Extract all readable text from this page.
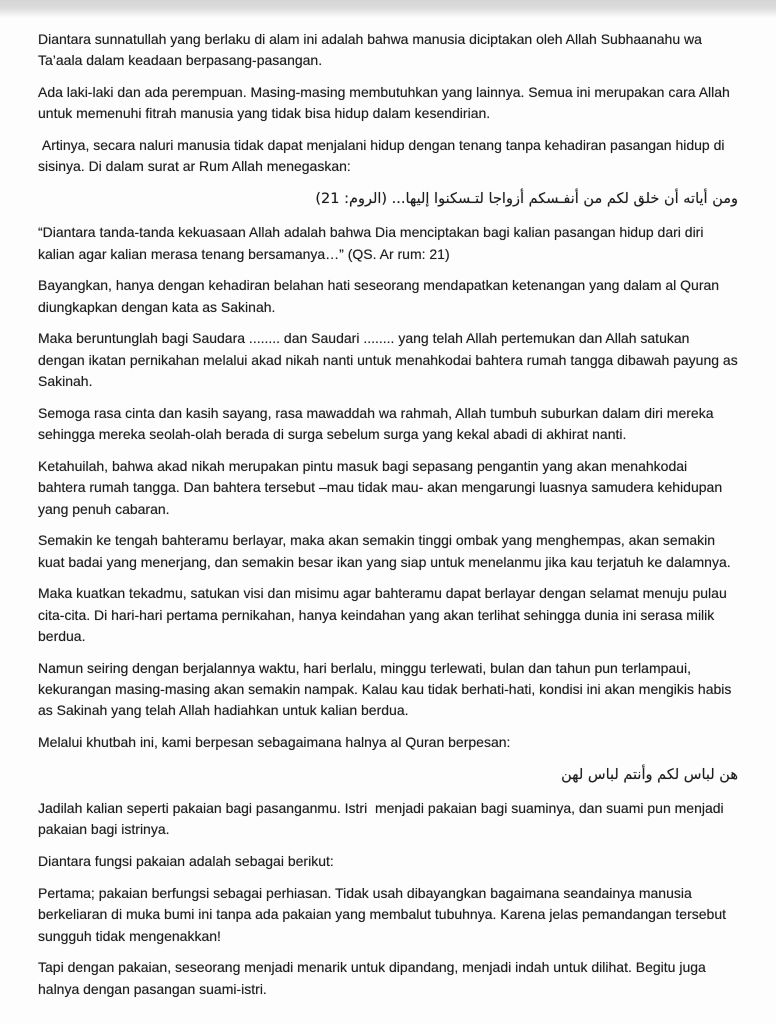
Diantara sunnatullah yang berlaku di alam ini adalah bahwa manusia diciptakan oleh Allah Subhaanahu wa Ta’aala dalam keadaan berpasang-pasangan.

Ada laki-laki dan ada perempuan. Masing-masing membutuhkan yang lainnya. Semua ini merupakan cara Allah untuk memenuhi fitrah manusia yang tidak bisa hidup dalam kesendirian.

Artinya, secara naluri manusia tidak dapat menjalani hidup dengan tenang tanpa kehadiran pasangan hidup di sisinya. Di dalam surat ar Rum Allah menegaskan:

ومن أياته أن خلق لكم من أنفـسكم أزواجا لتـسكنوا إليها... (الروم: 21)

“Diantara tanda-tanda kekuasaan Allah adalah bahwa Dia menciptakan bagi kalian pasangan hidup dari diri kalian agar kalian merasa tenang bersamanya…” (QS. Ar rum: 21)

Bayangkan, hanya dengan kehadiran belahan hati seseorang mendapatkan ketenangan yang dalam al Quran diungkapkan dengan kata as Sakinah.

Maka beruntunglah bagi Saudara ........ dan Saudari ........ yang telah Allah pertemukan dan Allah satukan dengan ikatan pernikahan melalui akad nikah nanti untuk menahkodai bahtera rumah tangga dibawah payung as Sakinah.

Semoga rasa cinta dan kasih sayang, rasa mawaddah wa rahmah, Allah tumbuh suburkan dalam diri mereka sehingga mereka seolah-olah berada di surga sebelum surga yang kekal abadi di akhirat nanti.

Ketahuilah, bahwa akad nikah merupakan pintu masuk bagi sepasang pengantin yang akan menahkodai bahtera rumah tangga. Dan bahtera tersebut –mau tidak mau- akan mengarungi luasnya samudera kehidupan yang penuh cabaran.

Semakin ke tengah bahteramu berlayar, maka akan semakin tinggi ombak yang menghempas, akan semakin kuat badai yang menerjang, dan semakin besar ikan yang siap untuk menelanmu jika kau terjatuh ke dalamnya.

Maka kuatkan tekadmu, satukan visi dan misimu agar bahteramu dapat berlayar dengan selamat menuju pulau cita-cita. Di hari-hari pertama pernikahan, hanya keindahan yang akan terlihat sehingga dunia ini serasa milik berdua.

Namun seiring dengan berjalannya waktu, hari berlalu, minggu terlewati, bulan dan tahun pun terlampaui, kekurangan masing-masing akan semakin nampak. Kalau kau tidak berhati-hati, kondisi ini akan mengikis habis as Sakinah yang telah Allah hadiahkan untuk kalian berdua.

Melalui khutbah ini, kami berpesan sebagaimana halnya al Quran berpesan:

هن لباس لكم وأنتم لباس لهن

Jadilah kalian seperti pakaian bagi pasanganmu. Istri  menjadi pakaian bagi suaminya, dan suami pun menjadi pakaian bagi istrinya.

Diantara fungsi pakaian adalah sebagai berikut:

Pertama; pakaian berfungsi sebagai perhiasan. Tidak usah dibayangkan bagaimana seandainya manusia berkeliaran di muka bumi ini tanpa ada pakaian yang membalut tubuhnya. Karena jelas pemandangan tersebut sungguh tidak mengenakkan!

Tapi dengan pakaian, seseorang menjadi menarik untuk dipandang, menjadi indah untuk dilihat. Begitu juga halnya dengan pasangan suami-istri.
